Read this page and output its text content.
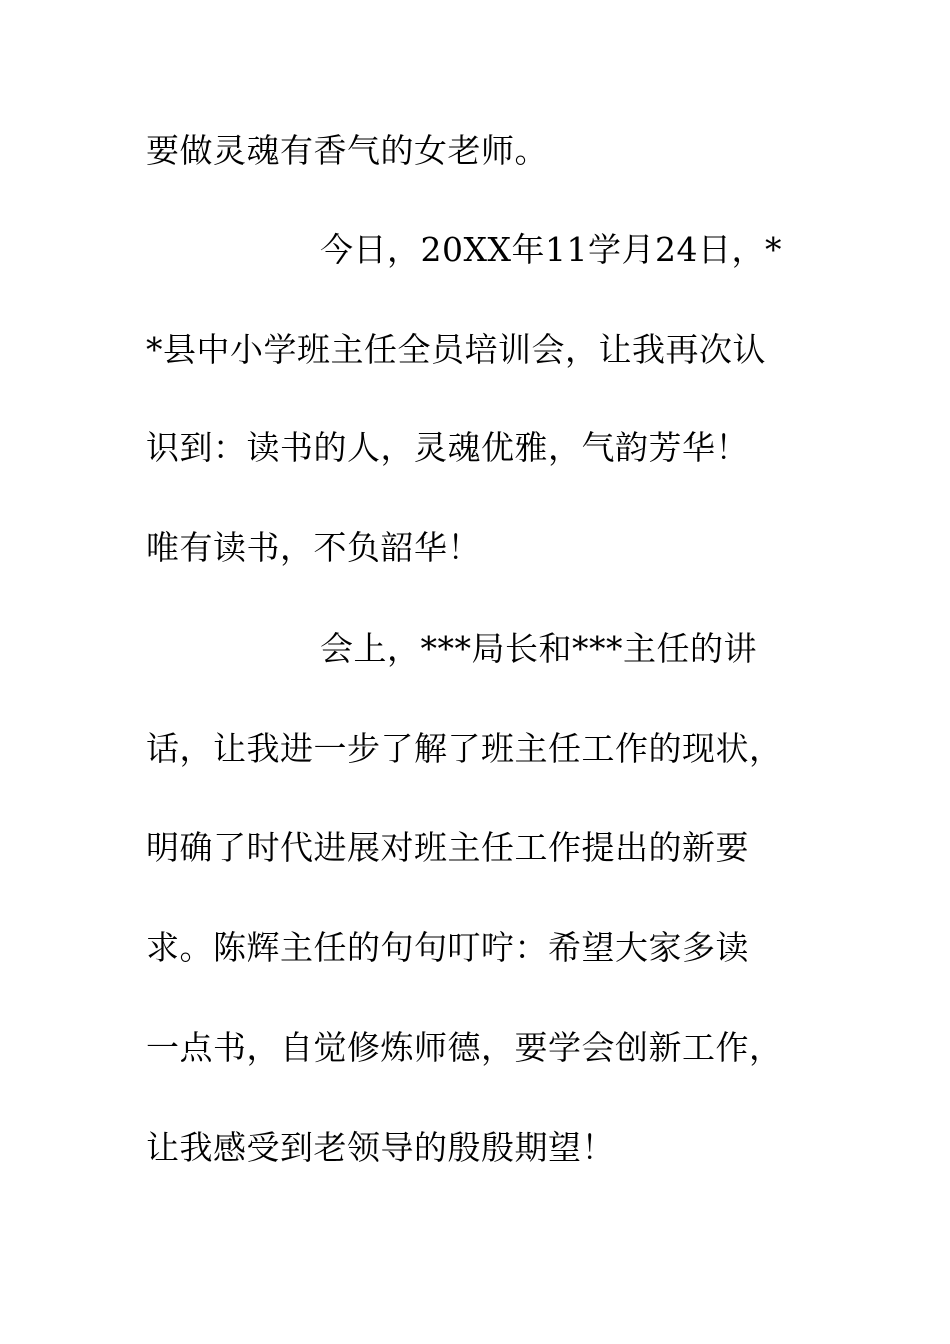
要做灵魂有香气的女老师。
今日，20XX年11学月24日，*
*县中小学班主任全员培训会，让我再次认
识到：读书的人，灵魂优雅，气韵芳华！
唯有读书，不负韶华！
会上，***局长和***主任的讲
话，让我进一步了解了班主任工作的现状，
明确了时代进展对班主任工作提出的新要
求。陈辉主任的句句叮咛：希望大家多读
一点书，自觉修炼师德，要学会创新工作，
让我感受到老领导的殷殷期望！
